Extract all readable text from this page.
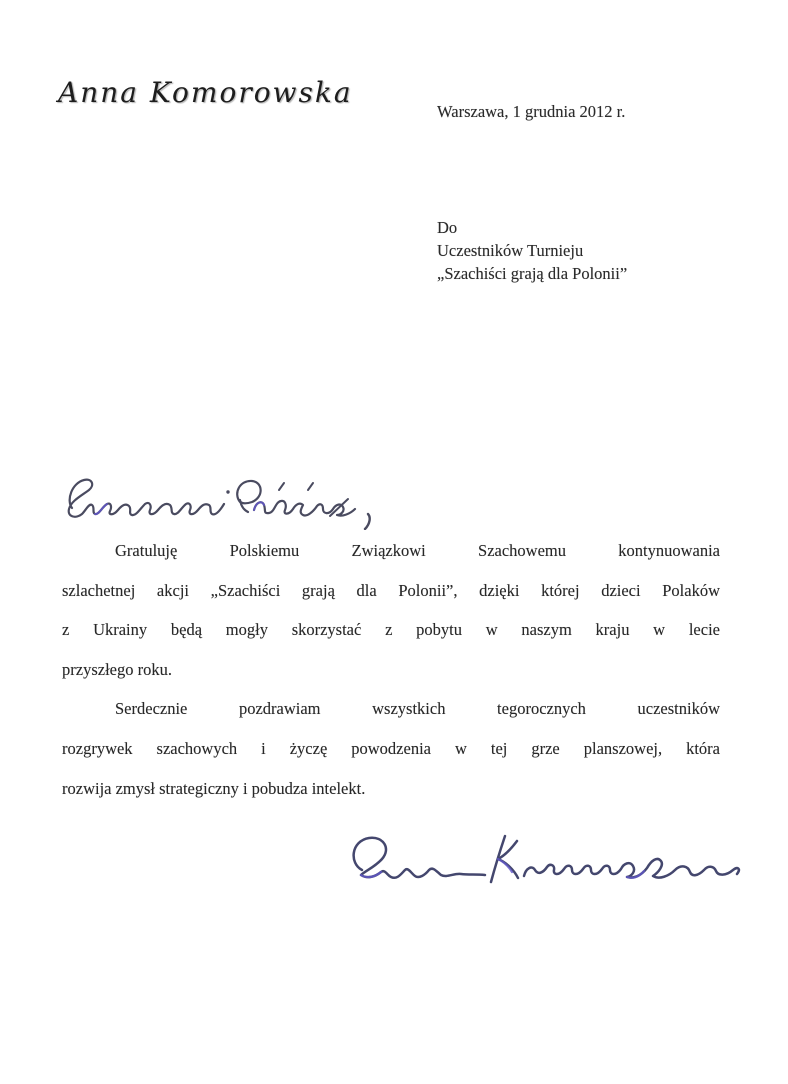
Anna Komorowska
Warszawa, 1 grudnia 2012 r.
Do
Uczestników Turnieju
„Szachiści grają dla Polonii”

Gratuluję Polskiemu Związkowi Szachowemu kontynuowania
szlachetnej akcji „Szachiści grają dla Polonii”, dzięki której dzieci Polaków
z Ukrainy będą mogły skorzystać z pobytu w naszym kraju w lecie
przyszłego roku.

Serdecznie pozdrawiam wszystkich tegorocznych uczestników
rozgrywek szachowych i życzę powodzenia w tej grze planszowej, która
rozwija zmysł strategiczny i pobudza intelekt.
